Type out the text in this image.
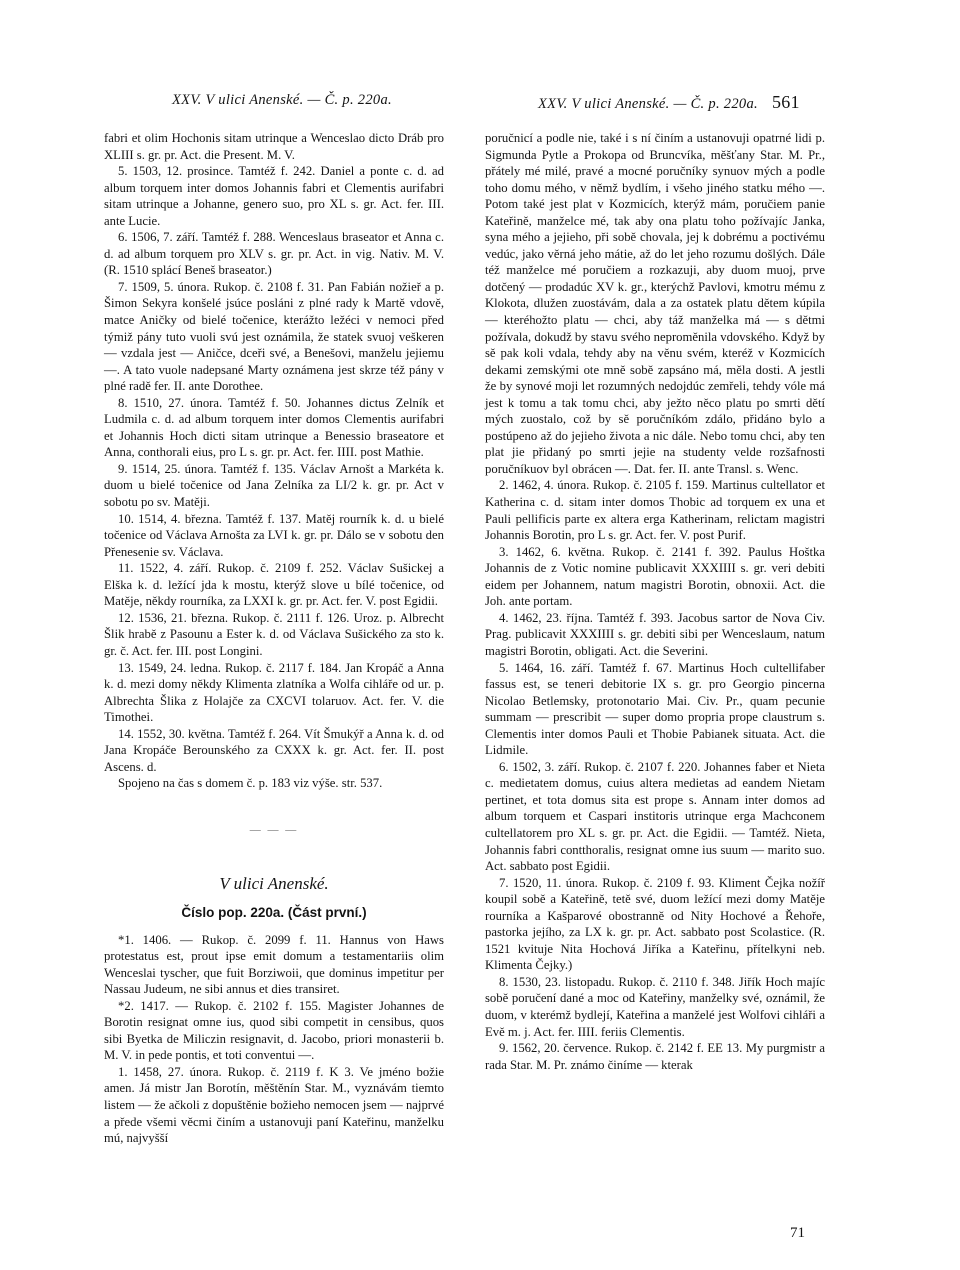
XXV. V ulici Anenské. — Č. p. 220a.	XXV. V ulici Anenské. — Č. p. 220a. 561

fabri et olim Hochonis sitam utrinque a Wenceslao dicto Dráb pro XLIII s. gr. pr. Act. die Present. M. V.

5. 1503, 12. prosince. Tamtéž f. 242. Daniel a ponte c. d. ad album torquem inter domos Johannis fabri et Clementis aurifabri sitam utrinque a Johanne, genero suo, pro XL s. gr. Act. fer. III. ante Lucie.

6. 1506, 7. září. Tamtéž f. 288. Wenceslaus braseator et Anna c. d. ad album torquem pro XLV s. gr. pr. Act. in vig. Nativ. M. V. (R. 1510 splácí Beneš braseator.)

7. 1509, 5. února. Rukop. č. 2108 f. 31. Pan Fabián nožieř a p. Šimon Sekyra konšelé jsúce posláni z plné rady k Martě vdově, matce Aničky od bielé točenice, kterážto ležéci v nemoci před týmiž pány tuto vuoli svú jest oznámila, že statek svuoj veškeren — vzdala jest — Aničce, dceři své, a Benešovi, manželu jejiemu —. A tato vuole nadepsané Marty oznámena jest skrze též pány v plné radě fer. II. ante Dorothee.

8. 1510, 27. února. Tamtéž f. 50. Johannes dictus Zelník et Ludmila c. d. ad album torquem inter domos Clementis aurifabri et Johannis Hoch dicti sitam utrinque a Benessio braseatore et Anna, conthorali eius, pro L s. gr. pr. Act. fer. IIII. post Mathie.

9. 1514, 25. února. Tamtéž f. 135. Václav Arnošt a Markéta k. duom u bielé točenice od Jana Zelníka za LI/2 k. gr. pr. Act v sobotu po sv. Matěji.

10. 1514, 4. března. Tamtéž f. 137. Matěj rourník k. d. u bielé točenice od Václava Arnošta za LVI k. gr. pr. Dálo se v sobotu den Přenesenie sv. Václava.

11. 1522, 4. září. Rukop. č. 2109 f. 252. Václav Sušickej a Elška k. d. ležící jda k mostu, kterýž slove u bílé točenice, od Matěje, někdy rourníka, za LXXI k. gr. pr. Act. fer. V. post Egidii.

12. 1536, 21. března. Rukop. č. 2111 f. 126. Uroz. p. Albrecht Šlik hrabě z Pasounu a Ester k. d. od Václava Sušického za sto k. gr. č. Act. fer. III. post Longini.

13. 1549, 24. ledna. Rukop. č. 2117 f. 184. Jan Kropáč a Anna k. d. mezi domy někdy Klimenta zlatníka a Wolfa cihláře od ur. p. Albrechta Šlika z Holajče za CXCVI tolaruov. Act. fer. V. die Timothei.

14. 1552, 30. května. Tamtéž f. 264. Vít Šmukýř a Anna k. d. od Jana Kropáče Berounského za CXXX k. gr. Act. fer. II. post Ascens. d.

Spojeno na čas s domem č. p. 183 viz výše. str. 537.

— — —
V ulici Anenské.
Číslo pop. 220a. (Část první.)

*1. 1406. — Rukop. č. 2099 f. 11. Hannus von Haws protestatus est, prout ipse emit domum a testamentariis olim Wenceslai tyscher, que fuit Borziwoii, que dominus impetitur per Nassau Judeum, ne sibi annus et dies transiret.

*2. 1417. — Rukop. č. 2102 f. 155. Magister Johannes de Borotin resignat omne ius, quod sibi competit in censibus, quos sibi Byetka de Miliczin resignavit, d. Jacobo, priori monasterii b. M. V. in pede pontis, et toti conventui —.

1. 1458, 27. února. Rukop. č. 2119 f. K 3. Ve jméno božie amen. Já mistr Jan Borotín, měštěnín Star. M., vyznávám tiemto listem — že ačkoli z dopuštěnie božieho nemocen jsem — najprvé a přede všemi věcmi činím a ustanovuji paní Kateřinu, manželku mú, najvyšší

poručnicí a podle nie, také i s ní činím a ustanovuji opatrné lidi p. Sigmunda Pytle a Prokopa od Bruncvíka, měšťany Star. M. Pr., přátely mé milé, pravé a mocné poručníky synuov mých a podle toho domu mého, v němž bydlím, i všeho jiného statku mého —. Potom také jest plat v Kozmicích, kterýž mám, poručiem panie Kateřině, manželce mé, tak aby ona platu toho požívajíc Janka, syna mého a jejieho, při sobě chovala, jej k dobrému a poctivému vedúc, jako věrná jeho mátie, až do let jeho rozumu došlých. Dále též manželce mé poručiem a rozkazuji, aby duom muoj, prve dotčený — prodadúc XV k. gr., kterýchž Pavlovi, kmotru mému z Klokota, dlužen zuostávám, dala a za ostatek platu dětem kúpila — kteréhožto platu — chci, aby táž manželka má — s dětmi požívala, dokudž by stavu svého neproměnila vdovského. Když by sě pak koli vdala, tehdy aby na věnu svém, kteréž v Kozmicích dekami zemskými ote mně sobě zapsáno má, měla dosti. A jestli že by synové moji let rozumných nedojdúc zemřeli, tehdy vóle má jest k tomu a tak tomu chci, aby ježto něco platu po smrti dětí mých zuostalo, což by sě poručníkóm zdálo, přidáno bylo a postúpeno až do jejieho života a nic dále. Nebo tomu chci, aby ten plat jie přidaný po smrti jejie na studenty velde rozšafnosti poručníkuov byl obrácen —. Dat. fer. II. ante Transl. s. Wenc.

2. 1462, 4. února. Rukop. č. 2105 f. 159. Martinus cultellator et Katherina c. d. sitam inter domos Thobic ad torquem ex una et Pauli pellificis parte ex altera erga Katherinam, relictam magistri Johannis Borotin, pro L s. gr. Act. fer. V. post Purif.

3. 1462, 6. května. Rukop. č. 2141 f. 392. Paulus Hoštka Johannis de z Votic nomine publicavit XXXIIII s. gr. veri debiti eidem per Johannem, natum magistri Borotin, obnoxii. Act. die Joh. ante portam.

4. 1462, 23. října. Tamtéž f. 393. Jacobus sartor de Nova Civ. Prag. publicavit XXXIIII s. gr. debiti sibi per Wenceslaum, natum magistri Borotin, obligati. Act. die Severini.

5. 1464, 16. září. Tamtéž f. 67. Martinus Hoch cultellifaber fassus est, se teneri debitorie IX s. gr. pro Georgio pincerna Nicolao Betlemsky, protonotario Mai. Civ. Pr., quam pecunie summam — prescribit — super domo propria prope claustrum s. Clementis inter domos Pauli et Thobie Pabianek situata. Act. die Lidmile.

6. 1502, 3. září. Rukop. č. 2107 f. 220. Johannes faber et Nieta c. medietatem domus, cuius altera medietas ad eandem Nietam pertinet, et tota domus sita est prope s. Annam inter domos ad album torquem et Caspari institoris utrinque erga Machconem cultellatorem pro XL s. gr. pr. Act. die Egidii. — Tamtéž. Nieta, Johannis fabri contthoralis, resignat omne ius suum — marito suo. Act. sabbato post Egidii.

7. 1520, 11. února. Rukop. č. 2109 f. 93. Kliment Čejka nožíř koupil sobě a Kateřině, tetě své, duom ležící mezi domy Matěje rourníka a Kašparové obostranně od Nity Hochové a Řehoře, pastorka jejího, za LX k. gr. pr. Act. sabbato post Scolastice. (R. 1521 kvituje Nita Hochová Jiříka a Kateřinu, přítelkyni neb. Klimenta Čejky.)

8. 1530, 23. listopadu. Rukop. č. 2110 f. 348. Jiřík Hoch majíc sobě poručení dané a moc od Kateřiny, manželky své, oznámil, že duom, v kterémž bydlejí, Kateřina a manželé jest Wolfovi cihláři a Evě m. j. Act. fer. IIII. feriis Clementis.

9. 1562, 20. července. Rukop. č. 2142 f. EE 13. My purgmistr a rada Star. M. Pr. známo činíme — kterak

71
